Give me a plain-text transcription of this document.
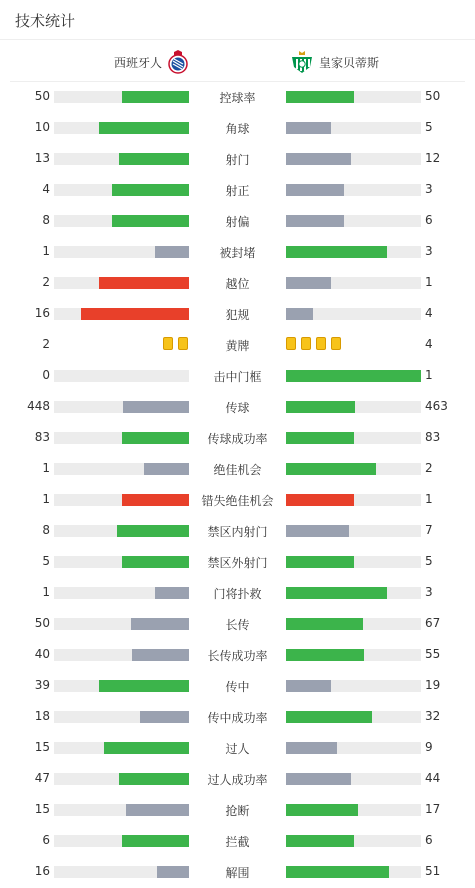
技术统计
西班牙人	皇家贝蒂斯
50	控球率	50
10	角球	5
13	射门	12
4	射正	3
8	射偏	6
1	被封堵	3
2	越位	1
16	犯规	4
2	黄牌	4
0	击中门框	1
448	传球	463
83	传球成功率	83
1	绝佳机会	2
1	错失绝佳机会	1
8	禁区内射门	7
5	禁区外射门	5
1	门将扑救	3
50	长传	67
40	长传成功率	55
39	传中	19
18	传中成功率	32
15	过人	9
47	过人成功率	44
15	抢断	17
6	拦截	6
16	解围	51
